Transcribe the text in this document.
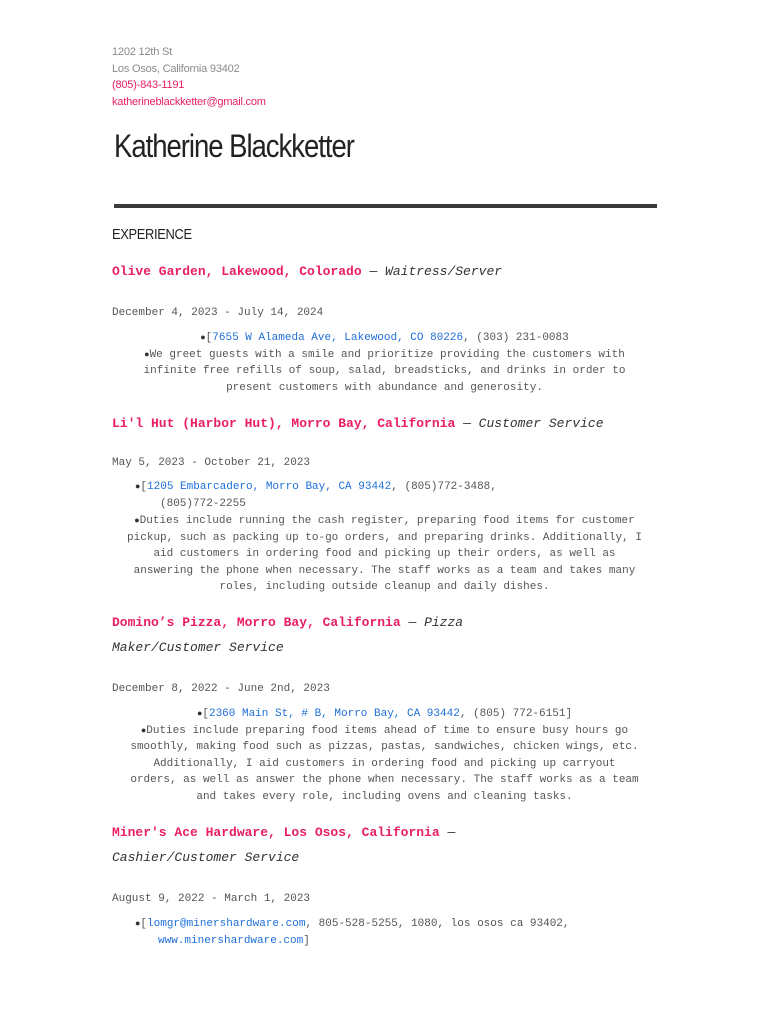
1202 12th St
Los Osos, California 93402
(805)-843-1191
katherineblackketter@gmail.com
Katherine Blackketter
EXPERIENCE
Olive Garden, Lakewood, Colorado — Waitress/Server
December 4, 2023 - July 14, 2024
●[7655 W Alameda Ave, Lakewood, CO 80226, (303) 231-0083
●We greet guests with a smile and prioritize providing the customers with infinite free refills of soup, salad, breadsticks, and drinks in order to present customers with abundance and generosity.
Li'l Hut (Harbor Hut), Morro Bay, California — Customer Service
May 5, 2023 - October 21, 2023
●[1205 Embarcadero, Morro Bay, CA 93442, (805)772-3488,
(805)772-2255
●Duties include running the cash register, preparing food items for customer pickup, such as packing up to-go orders, and preparing drinks. Additionally, I aid customers in ordering food and picking up their orders, as well as answering the phone when necessary. The staff works as a team and takes many roles, including outside cleanup and daily dishes.
Domino’s Pizza, Morro Bay, California — Pizza Maker/Customer Service
December 8, 2022 - June 2nd, 2023
●[2360 Main St, # B, Morro Bay, CA 93442, (805) 772-6151]
●Duties include preparing food items ahead of time to ensure busy hours go smoothly, making food such as pizzas, pastas, sandwiches, chicken wings, etc. Additionally, I aid customers in ordering food and picking up carryout orders, as well as answer the phone when necessary. The staff works as a team and takes every role, including ovens and cleaning tasks.
Miner's Ace Hardware, Los Osos, California — Cashier/Customer Service
August 9, 2022 - March 1, 2023
●[lomgr@minershardware.com, 805-528-5255, 1080, los osos ca 93402,
www.minershardware.com]
